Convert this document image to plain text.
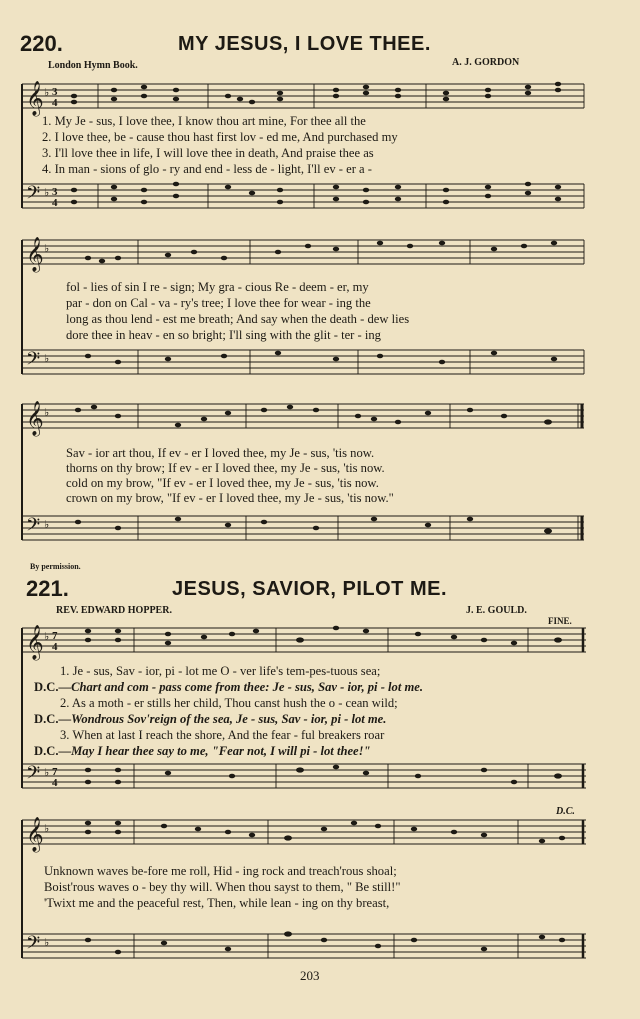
220.	MY JESUS, I LOVE THEE.
London Hymn Book.	A. J. GORDON
𝄞
𝄢
♭ 3
4
♭ 3
4
1. My Je - sus, I love thee, I know thou art mine, For thee all the
2. I love thee, be - cause thou hast first lov - ed me, And purchased my
3. I'll love thee in life, I will love thee in death, And praise thee as
4. In man - sions of glo - ry and end - less de - light, I'll ev - er a -
𝄞
𝄢
♭
♭
fol - lies of sin I re - sign; My gra - cious Re - deem - er, my
par - don on Cal - va - ry's tree; I love thee for wear - ing the
long as thou lend - est me breath; And say when the death - dew lies
dore thee in heav - en so bright; I'll sing with the glit - ter - ing
𝄞
𝄢
♭
♭
Sav - ior art thou, If ev - er I loved thee, my Je - sus, 'tis now.
thorns on thy brow; If ev - er I loved thee, my Je - sus, 'tis now.
cold on my brow, "If ev - er I loved thee, my Je - sus, 'tis now.
crown on my brow, "If ev - er I loved thee, my Je - sus, 'tis now."
By permission.
221.	JESUS, SAVIOR, PILOT ME.
REV. EDWARD HOPPER.	J. E. GOULD.
FINE.
𝄞
𝄢
♭ 7
4
♭ 7
4
1. Je - sus, Sav - ior, pi - lot me O - ver life's tem-pes-tuous sea;
D.C.—Chart and com - pass come from thee: Je - sus, Sav - ior, pi - lot me.
2. As a moth - er stills her child, Thou canst hush the o - cean wild;
D.C.—Wondrous Sov'reign of the sea, Je - sus, Sav - ior, pi - lot me.
3. When at last I reach the shore, And the fear - ful breakers roar
D.C.—May I hear thee say to me, "Fear not, I will pi - lot thee!"
D.C.
𝄞
𝄢
♭
♭
Unknown waves be-fore me roll, Hid - ing rock and treach'rous shoal;
Boist'rous waves o - bey thy will. When thou sayst to them, " Be still!"
'Twixt me and the peaceful rest, Then, while lean - ing on thy breast,
203
